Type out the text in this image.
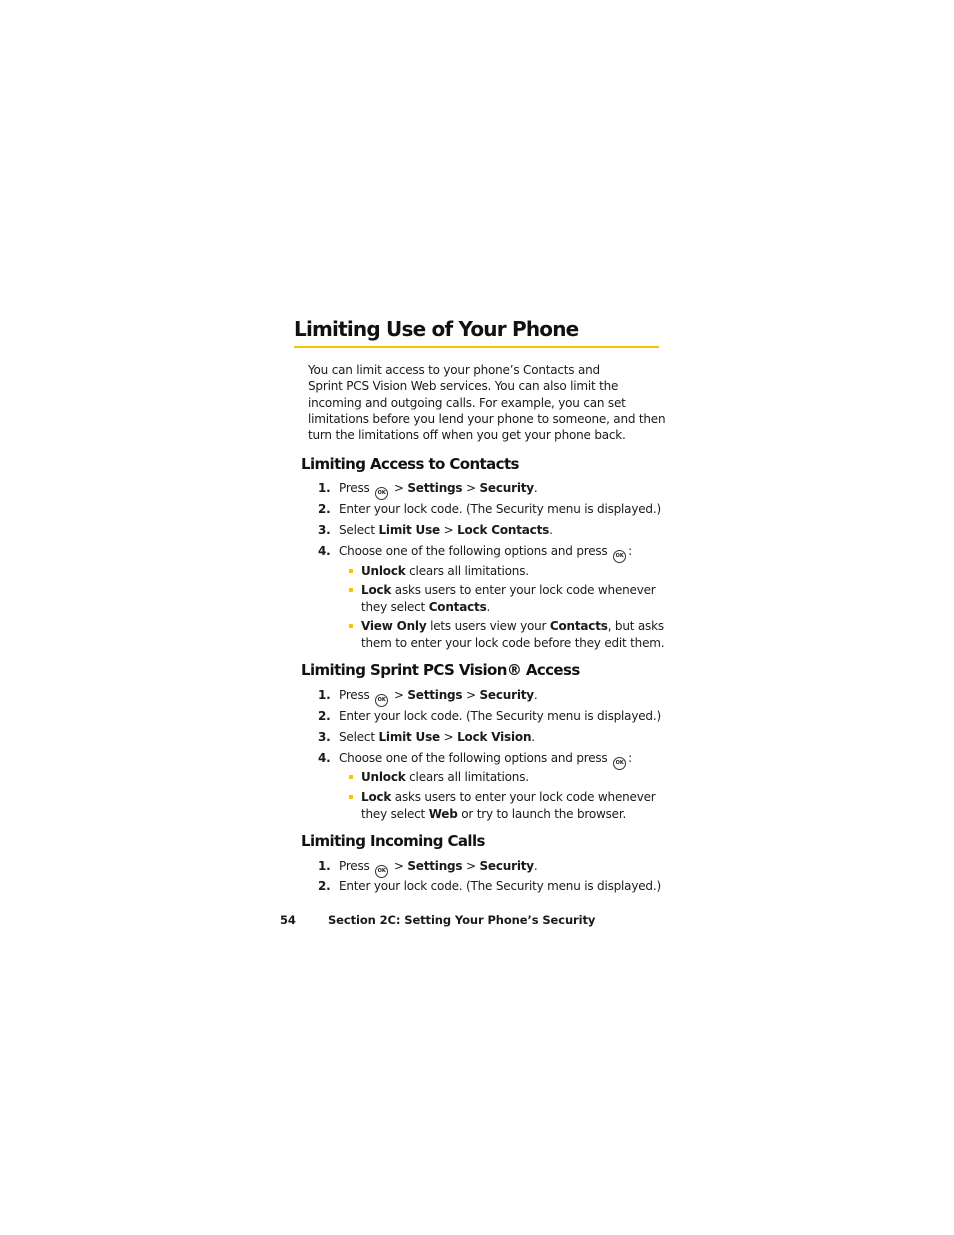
Limiting Use of Your Phone

You can limit access to your phone’s Contacts and
Sprint PCS Vision Web services. You can also limit the
incoming and outgoing calls. For example, you can set
limitations before you lend your phone to someone, and then
turn the limitations off when you get your phone back.

Limiting Access to Contacts
1. Press OK > Settings > Security.
2. Enter your lock code. (The Security menu is displayed.)
3. Select Limit Use > Lock Contacts.
4. Choose one of the following options and press OK :
Unlock clears all limitations.
Lock asks users to enter your lock code whenever
they select Contacts.
View Only lets users view your Contacts, but asks
them to enter your lock code before they edit them.
Limiting Sprint PCS Vision® Access
1. Press OK > Settings > Security.
2. Enter your lock code. (The Security menu is displayed.)
3. Select Limit Use > Lock Vision.
4. Choose one of the following options and press OK :
Unlock clears all limitations.
Lock asks users to enter your lock code whenever
they select Web or try to launch the browser.
Limiting Incoming Calls
1. Press OK > Settings > Security.
2. Enter your lock code. (The Security menu is displayed.)
54	Section 2C: Setting Your Phone’s Security
